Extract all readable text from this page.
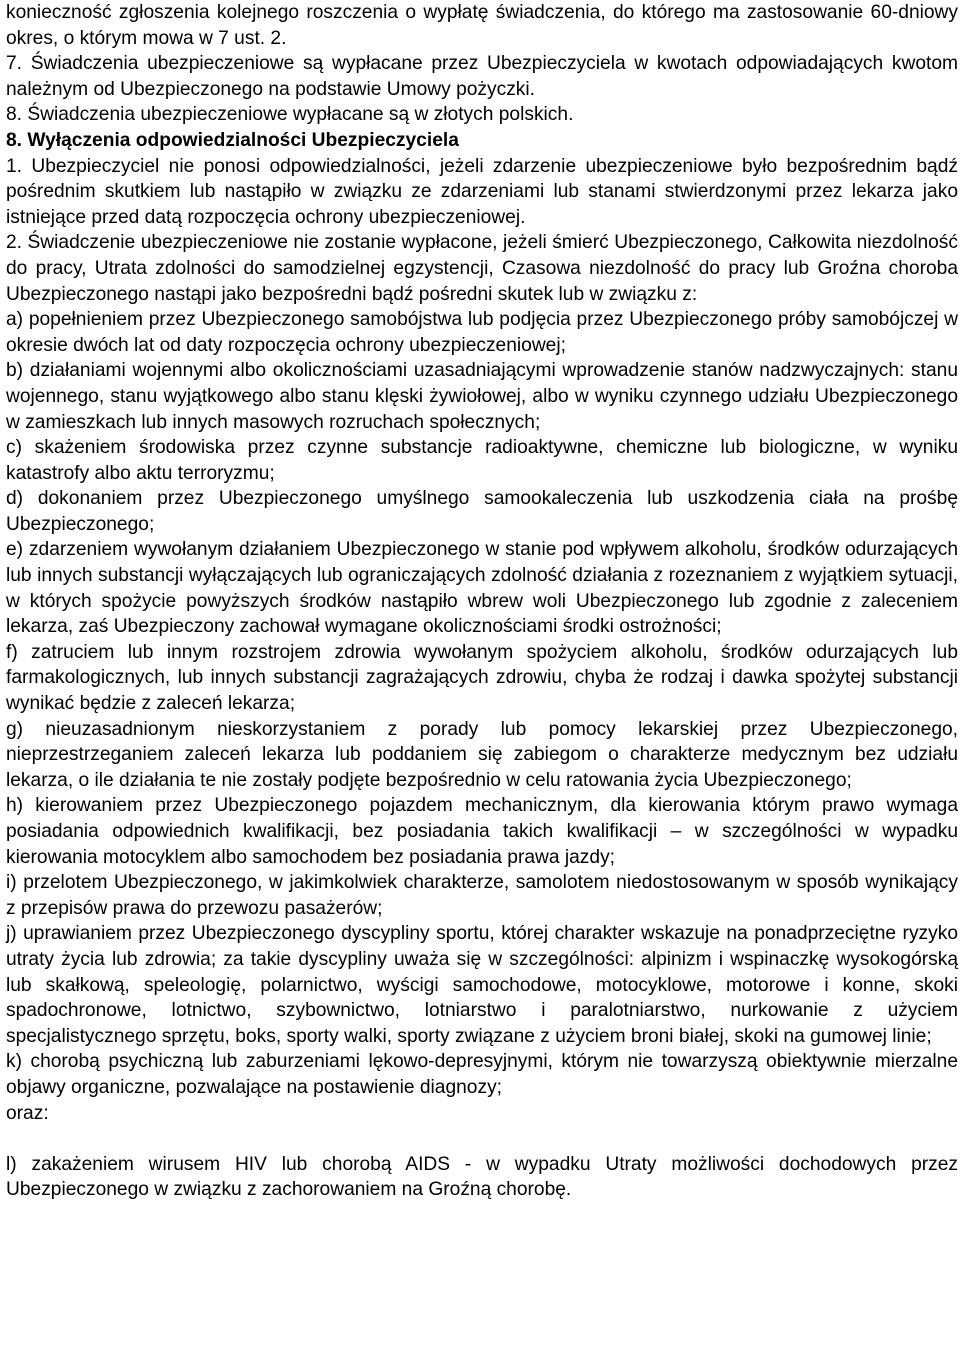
konieczność zgłoszenia kolejnego roszczenia o wypłatę świadczenia, do którego ma zastosowanie 60-dniowy okres, o którym mowa w 7 ust. 2.

7. Świadczenia ubezpieczeniowe są wypłacane przez Ubezpieczyciela w kwotach odpowiadających kwotom należnym od Ubezpieczonego na podstawie Umowy pożyczki.

8. Świadczenia ubezpieczeniowe wypłacane są w złotych polskich.

8. Wyłączenia odpowiedzialności Ubezpieczyciela

1. Ubezpieczyciel nie ponosi odpowiedzialności, jeżeli zdarzenie ubezpieczeniowe było bezpośrednim bądź pośrednim skutkiem lub nastąpiło w związku ze zdarzeniami lub stanami stwierdzonymi przez lekarza jako istniejące przed datą rozpoczęcia ochrony ubezpieczeniowej.

2. Świadczenie ubezpieczeniowe nie zostanie wypłacone, jeżeli śmierć Ubezpieczonego, Całkowita niezdolność do pracy, Utrata zdolności do samodzielnej egzystencji, Czasowa niezdolność do pracy lub Groźna choroba Ubezpieczonego nastąpi jako bezpośredni bądź pośredni skutek lub w związku z:

a) popełnieniem przez Ubezpieczonego samobójstwa lub podjęcia przez Ubezpieczonego próby samobójczej w okresie dwóch lat od daty rozpoczęcia ochrony ubezpieczeniowej;

b) działaniami wojennymi albo okolicznościami uzasadniającymi wprowadzenie stanów nadzwyczajnych: stanu wojennego, stanu wyjątkowego albo stanu klęski żywiołowej, albo w wyniku czynnego udziału Ubezpieczonego w zamieszkach lub innych masowych rozruchach społecznych;

c) skażeniem środowiska przez czynne substancje radioaktywne, chemiczne lub biologiczne, w wyniku katastrofy albo aktu terroryzmu;

d) dokonaniem przez Ubezpieczonego umyślnego samookaleczenia lub uszkodzenia ciała na prośbę Ubezpieczonego;

e) zdarzeniem wywołanym działaniem Ubezpieczonego w stanie pod wpływem alkoholu, środków odurzających lub innych substancji wyłączających lub ograniczających zdolność działania z rozeznaniem z wyjątkiem sytuacji, w których spożycie powyższych środków nastąpiło wbrew woli Ubezpieczonego lub zgodnie z zaleceniem lekarza, zaś Ubezpieczony zachował wymagane okolicznościami środki ostrożności;

f) zatruciem lub innym rozstrojem zdrowia wywołanym spożyciem alkoholu, środków odurzających lub farmakologicznych, lub innych substancji zagrażających zdrowiu, chyba że rodzaj i dawka spożytej substancji wynikać będzie z zaleceń lekarza;

g) nieuzasadnionym nieskorzystaniem z porady lub pomocy lekarskiej przez Ubezpieczonego, nieprzestrzeganiem zaleceń lekarza lub poddaniem się zabiegom o charakterze medycznym bez udziału lekarza, o ile działania te nie zostały podjęte bezpośrednio w celu ratowania życia Ubezpieczonego;

h) kierowaniem przez Ubezpieczonego pojazdem mechanicznym, dla kierowania którym prawo wymaga posiadania odpowiednich kwalifikacji, bez posiadania takich kwalifikacji – w szczególności w wypadku kierowania motocyklem albo samochodem bez posiadania prawa jazdy;

i) przelotem Ubezpieczonego, w jakimkolwiek charakterze, samolotem niedostosowanym w sposób wynikający z przepisów prawa do przewozu pasażerów;

j) uprawianiem przez Ubezpieczonego dyscypliny sportu, której charakter wskazuje na ponadprzeciętne ryzyko utraty życia lub zdrowia; za takie dyscypliny uważa się w szczególności: alpinizm i wspinaczkę wysokogórską lub skałkową, speleologię, polarnictwo, wyścigi samochodowe, motocyklowe, motorowe i konne, skoki spadochronowe, lotnictwo, szybownictwo, lotniarstwo i paralotniarstwo, nurkowanie z użyciem specjalistycznego sprzętu, boks, sporty walki, sporty związane z użyciem broni białej, skoki na gumowej linie;

k) chorobą psychiczną lub zaburzeniami lękowo-depresyjnymi, którym nie towarzyszą obiektywnie mierzalne objawy organiczne, pozwalające na postawienie diagnozy;

oraz:

l) zakażeniem wirusem HIV lub chorobą AIDS - w wypadku Utraty możliwości dochodowych przez Ubezpieczonego w związku z zachorowaniem na Groźną chorobę.
